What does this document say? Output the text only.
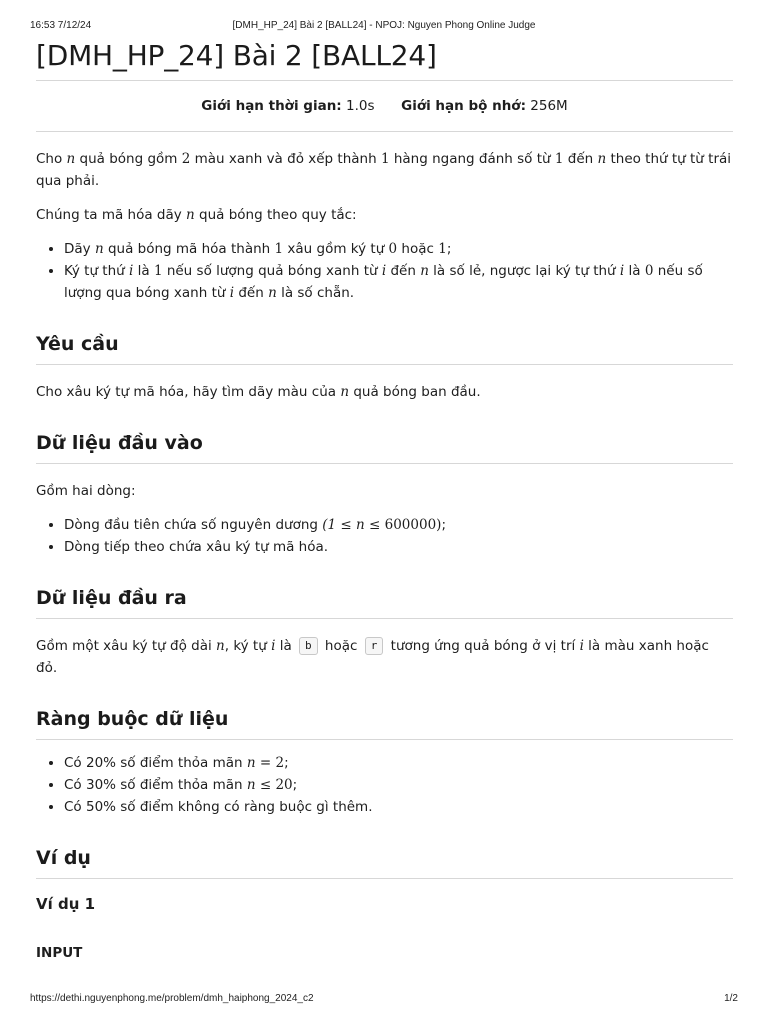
16:53 7/12/24	[DMH_HP_24] Bài 2 [BALL24] - NPOJ: Nguyen Phong Online Judge
[DMH_HP_24] Bài 2 [BALL24]
Giới hạn thời gian: 1.0s Giới hạn bộ nhớ: 256M

Cho n quả bóng gồm 2 màu xanh và đỏ xếp thành 1 hàng ngang đánh số từ 1 đến n theo thứ tự từ trái qua phải.

Chúng ta mã hóa dãy n quả bóng theo quy tắc:

• Dãy n quả bóng mã hóa thành 1 xâu gồm ký tự 0 hoặc 1;
• Ký tự thứ i là 1 nếu số lượng quả bóng xanh từ i đến n là số lẻ, ngược lại ký tự thứ i là 0 nếu số lượng qua bóng xanh từ i đến n là số chẵn.
Yêu cầu

Cho xâu ký tự mã hóa, hãy tìm dãy màu của n quả bóng ban đầu.

Dữ liệu đầu vào

Gồm hai dòng:

• Dòng đầu tiên chứa số nguyên dương (1 ≤ n ≤ 600000);
• Dòng tiếp theo chứa xâu ký tự mã hóa.
Dữ liệu đầu ra

Gồm một xâu ký tự độ dài n, ký tự i là b hoặc r tương ứng quả bóng ở vị trí i là màu xanh hoặc đỏ.

Ràng buộc dữ liệu
• Có 20% số điểm thỏa mãn n = 2;
• Có 30% số điểm thỏa mãn n ≤ 20;
• Có 50% số điểm không có ràng buộc gì thêm.
Ví dụ
Ví dụ 1
INPUT
https://dethi.nguyenphong.me/problem/dmh_haiphong_2024_c2	1/2
